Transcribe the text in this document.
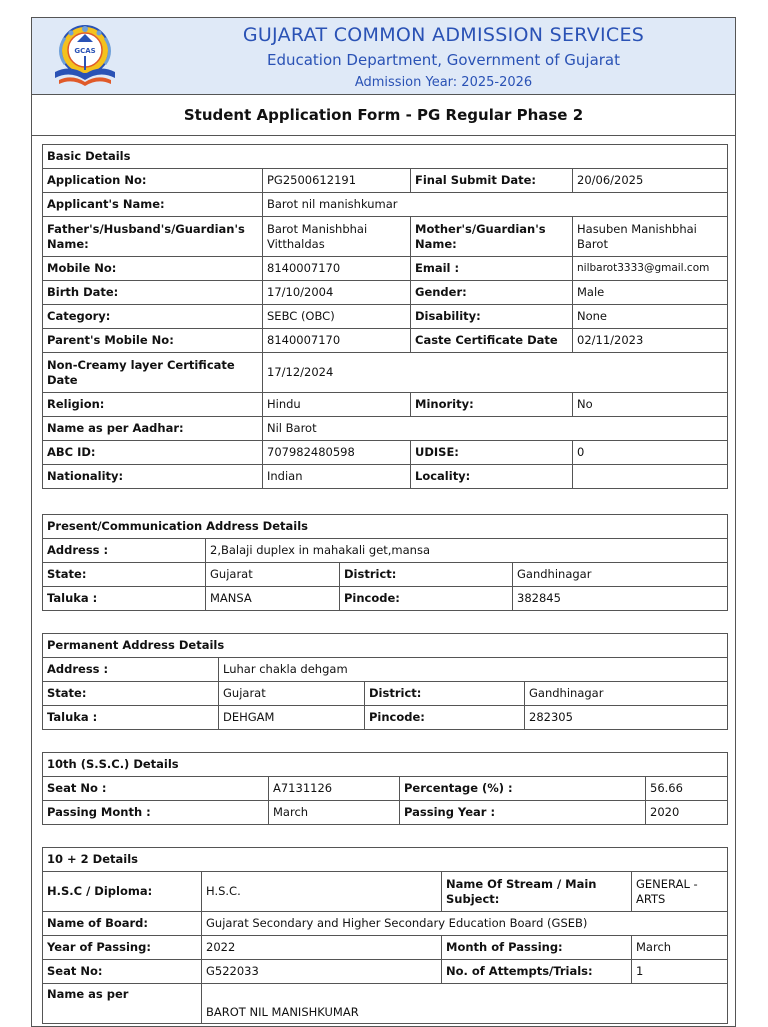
GCAS
GUJARAT COMMON ADMISSION SERVICES
Education Department, Government of Gujarat
Admission Year: 2025-2026
Student Application Form - PG Regular Phase 2
Basic Details			
Application No:	PG2500612191	Final Submit Date:	20/06/2025
Applicant's Name:	Barot nil manishkumar		
Father's/Husband's/Guardian's Name:	Barot Manishbhai Vitthaldas	Mother's/Guardian's Name:	Hasuben Manishbhai Barot
Mobile No:	8140007170	Email :	nilbarot3333@gmail.com
Birth Date:	17/10/2004	Gender:	Male
Category:	SEBC (OBC)	Disability:	None
Parent's Mobile No:	8140007170	Caste Certificate Date	02/11/2023
Non-Creamy layer Certificate Date	17/12/2024		
Religion:	Hindu	Minority:	No
Name as per Aadhar:	Nil Barot		
ABC ID:	707982480598	UDISE:	0
Nationality:	Indian	Locality:	
Present/Communication Address Details			
Address :	2,Balaji duplex in mahakali get,mansa		
State:	Gujarat	District:	Gandhinagar
Taluka :	MANSA	Pincode:	382845
Permanent Address Details			
Address :	Luhar chakla dehgam		
State:	Gujarat	District:	Gandhinagar
Taluka :	DEHGAM	Pincode:	282305
10th (S.S.C.) Details			
Seat No :	A7131126	Percentage (%) :	56.66
Passing Month :	March	Passing Year :	2020
10 + 2 Details			
H.S.C / Diploma:	H.S.C.	Name Of Stream / Main Subject:	GENERAL - ARTS
Name of Board:	Gujarat Secondary and Higher Secondary Education Board (GSEB)		
Year of Passing:	2022	Month of Passing:	March
Seat No:	G522033	No. of Attempts/Trials:	1
Name as per	BAROT NIL MANISHKUMAR		
